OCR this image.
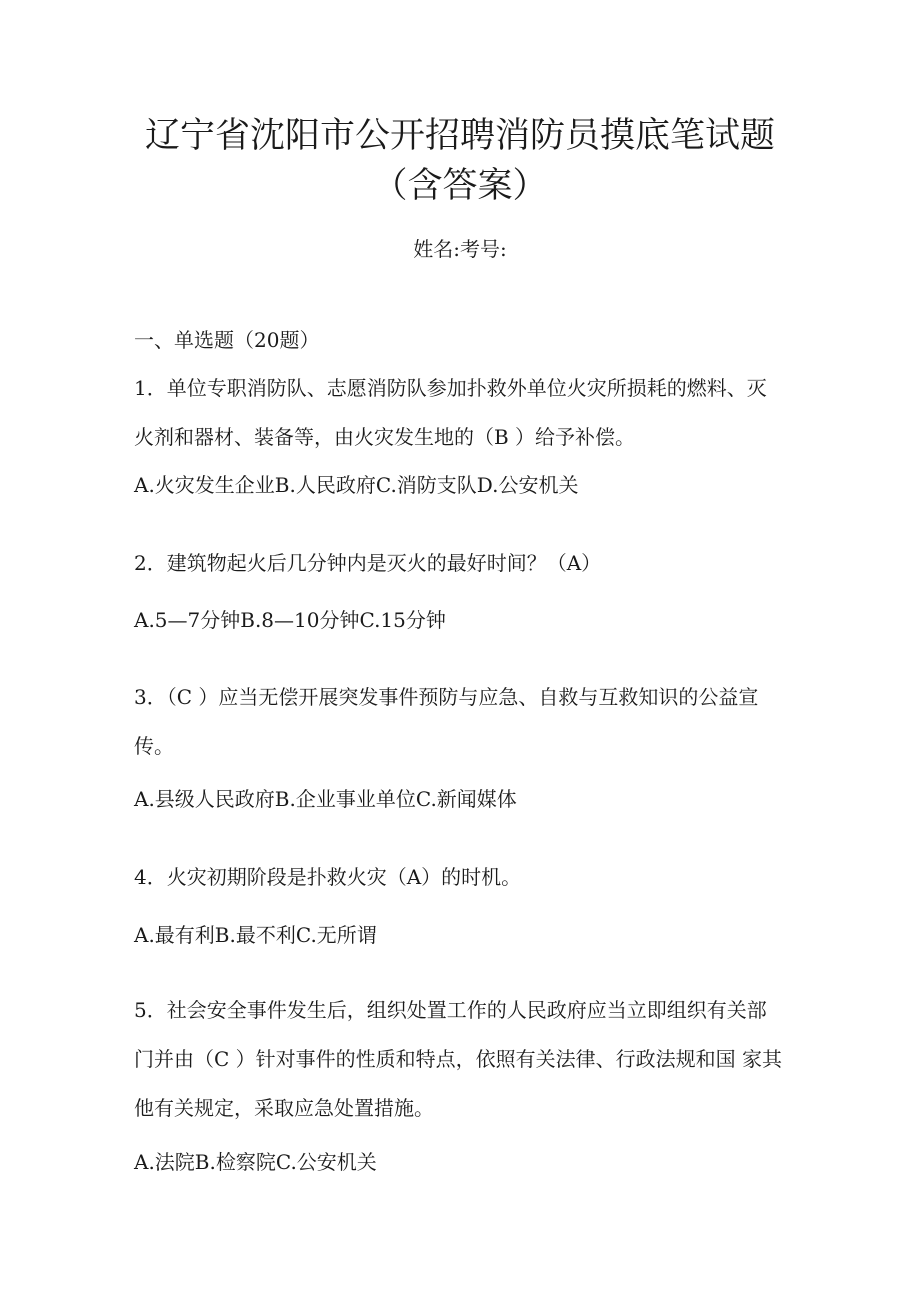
辽宁省沈阳市公开招聘消防员摸底笔试题
（含答案）
姓名:考号:
一、单选题（20题）
1．单位专职消防队、志愿消防队参加扑救外单位火灾所损耗的燃料、灭
火剂和器材、装备等，由火灾发生地的（B ）给予补偿。
A.火灾发生企业B.人民政府C.消防支队D.公安机关
2．建筑物起火后几分钟内是灭火的最好时间？（A）
A.5—7分钟B.8—10分钟C.15分钟
3．（C ）应当无偿开展突发事件预防与应急、自救与互救知识的公益宣
传。
A.县级人民政府B.企业事业单位C.新闻媒体
4．火灾初期阶段是扑救火灾（A）的时机。
A.最有利B.最不利C.无所谓
5．社会安全事件发生后，组织处置工作的人民政府应当立即组织有关部
门并由（C ）针对事件的性质和特点，依照有关法律、行政法规和国 家其
他有关规定，采取应急处置措施。
A.法院B.检察院C.公安机关
